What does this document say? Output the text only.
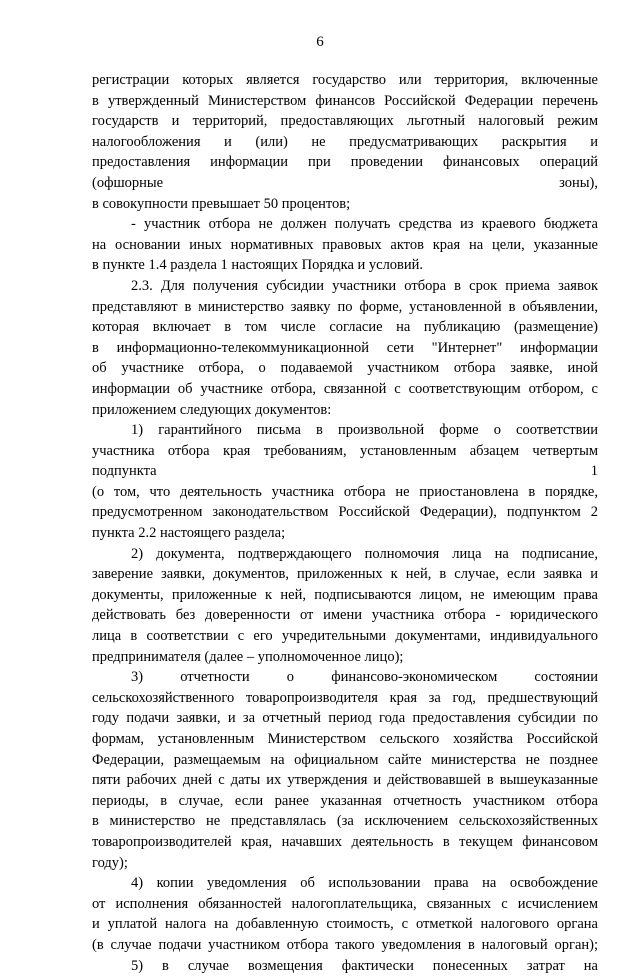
6
регистрации которых является государство или территория, включенные
в утвержденный Министерством финансов Российской Федерации перечень
государств и территорий, предоставляющих льготный налоговый режим
налогообложения и (или) не предусматривающих раскрытия и
предоставления информации при проведении финансовых операций
(офшорные зоны),
в совокупности превышает 50 процентов;
- участник отбора не должен получать средства из краевого бюджета
на основании иных нормативных правовых актов края на цели, указанные
в пункте 1.4 раздела 1 настоящих Порядка и условий.
2.3. Для получения субсидии участники отбора в срок приема заявок
представляют в министерство заявку по форме, установленной в объявлении,
которая включает в том числе согласие на публикацию (размещение)
в информационно-телекоммуникационной сети "Интернет" информации
об участнике отбора, о подаваемой участником отбора заявке, иной
информации об участнике отбора, связанной с соответствующим отбором, с
приложением следующих документов:
1) гарантийного письма в произвольной форме о соответствии
участника отбора края требованиям, установленным абзацем четвертым
подпункта 1
(о том, что деятельность участника отбора не приостановлена в порядке,
предусмотренном законодательством Российской Федерации), подпунктом 2
пункта 2.2 настоящего раздела;
2) документа, подтверждающего полномочия лица на подписание,
заверение заявки, документов, приложенных к ней, в случае, если заявка и
документы, приложенные к ней, подписываются лицом, не имеющим права
действовать без доверенности от имени участника отбора - юридического
лица в соответствии с его учредительными документами, индивидуального
предпринимателя (далее – уполномоченное лицо);
3) отчетности о финансово-экономическом состоянии
сельскохозяйственного товаропроизводителя края за год, предшествующий
году подачи заявки, и за отчетный период года предоставления субсидии по
формам, установленным Министерством сельского хозяйства Российской
Федерации, размещаемым на официальном сайте министерства не позднее
пяти рабочих дней с даты их утверждения и действовавшей в вышеуказанные
периоды, в случае, если ранее указанная отчетность участником отбора
в министерство не представлялась (за исключением сельскохозяйственных
товаропроизводителей края, начавших деятельность в текущем финансовом
году);
4) копии уведомления об использовании права на освобождение
от исполнения обязанностей налогоплательщика, связанных с исчислением
и уплатой налога на добавленную стоимость, с отметкой налогового органа
(в случае подачи участником отбора такого уведомления в налоговый орган);
5) в случае возмещения фактически понесенных затрат на
